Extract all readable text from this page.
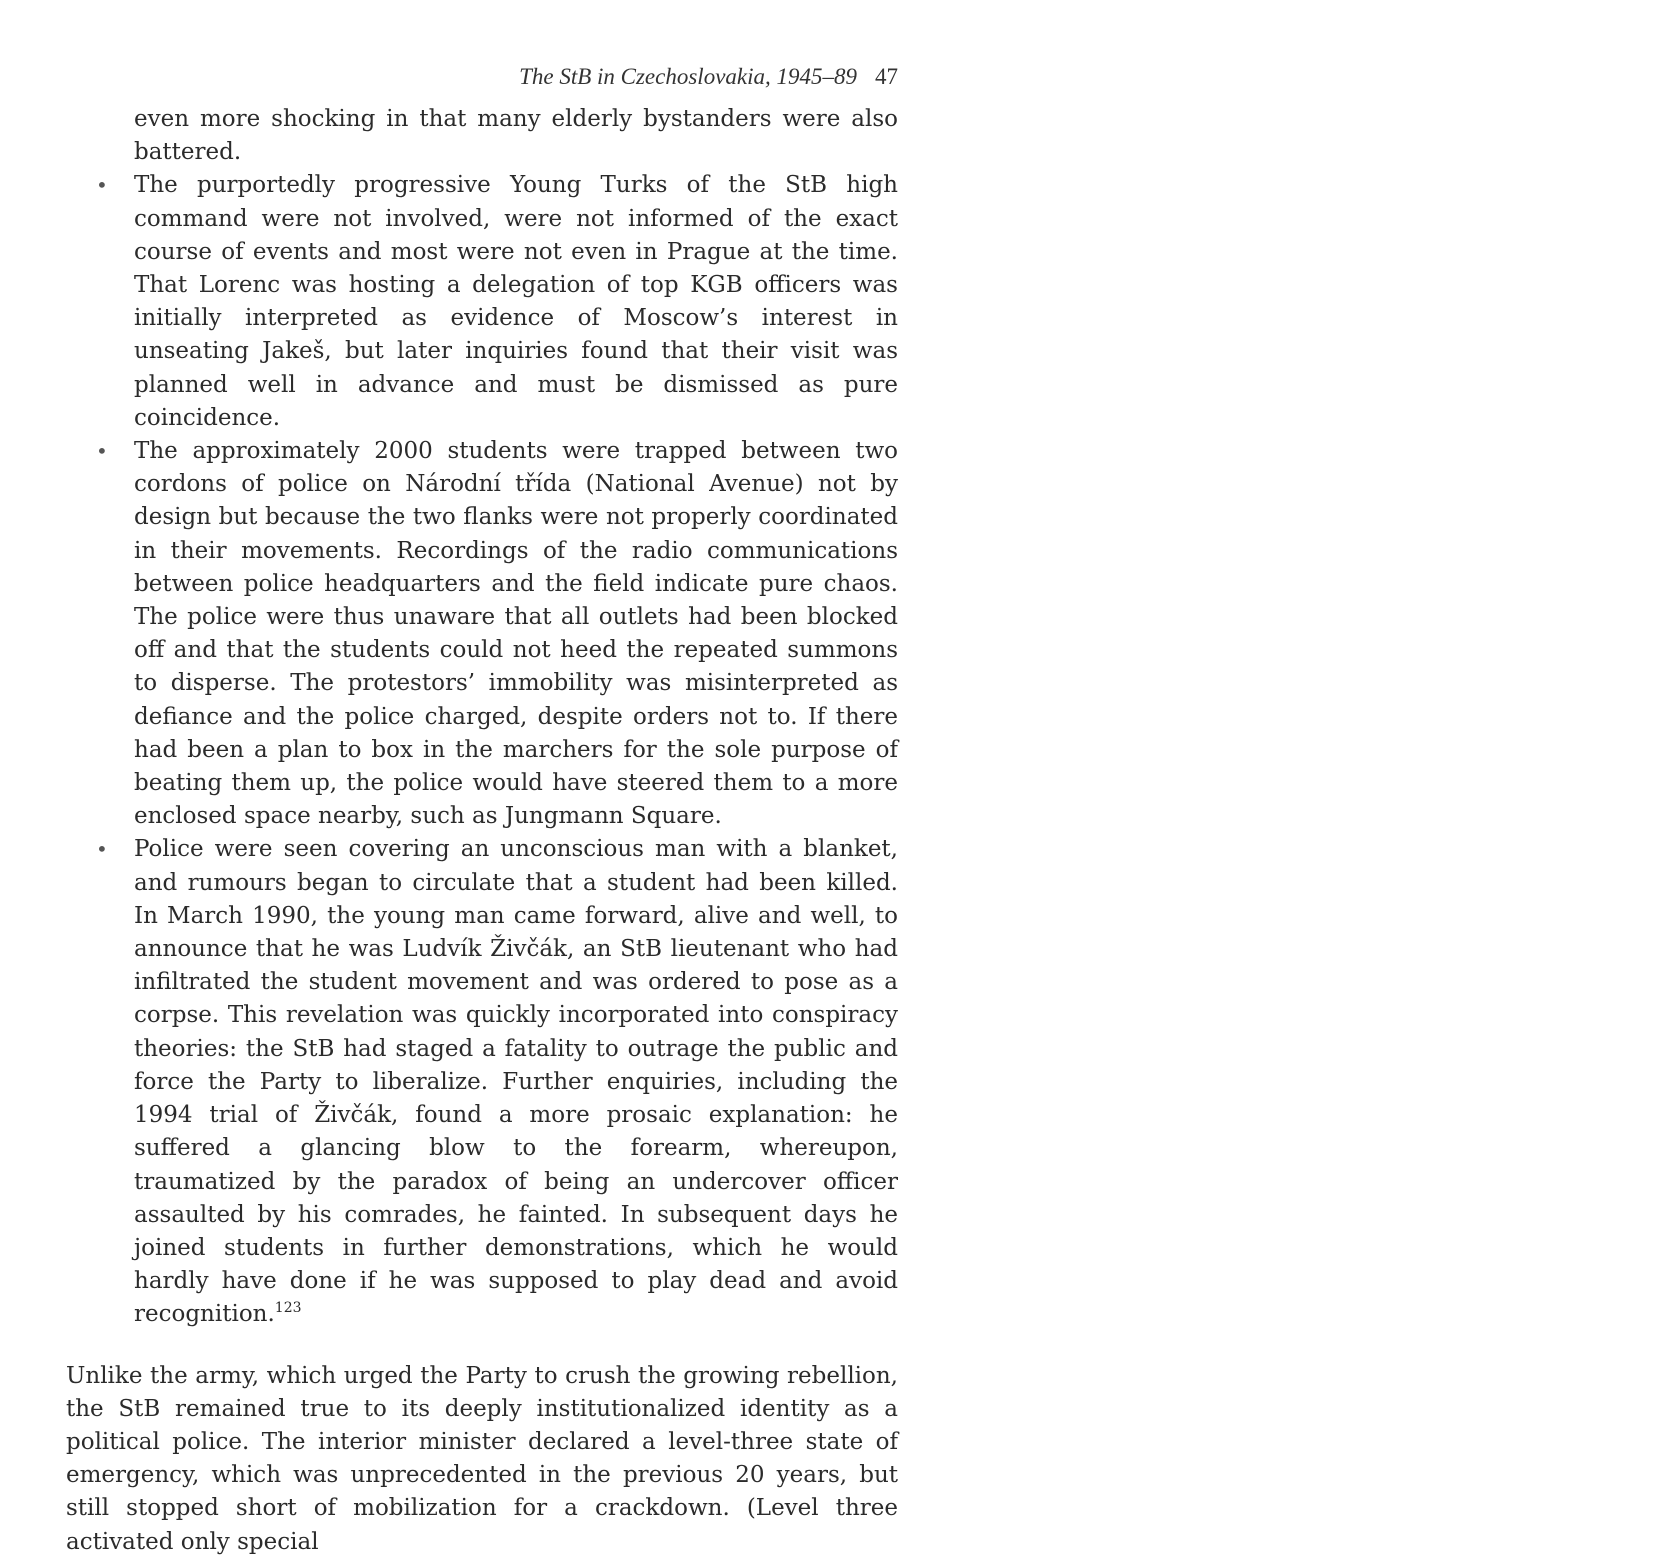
The StB in Czechoslovakia, 1945–89 47
even more shocking in that many elderly bystanders were also battered.
• The purportedly progressive Young Turks of the StB high command were not involved, were not informed of the exact course of events and most were not even in Prague at the time. That Lorenc was hosting a delegation of top KGB officers was initially interpreted as evidence of Moscow’s interest in unseating Jakeš, but later inquiries found that their visit was planned well in advance and must be dismissed as pure coincidence.
• The approximately 2000 students were trapped between two cordons of police on Národní třída (National Avenue) not by design but because the two flanks were not properly coordinated in their movements. Recordings of the radio communications between police headquarters and the field indicate pure chaos. The police were thus unaware that all outlets had been blocked off and that the students could not heed the repeated summons to disperse. The protestors’ immobility was misinterpreted as defiance and the police charged, despite orders not to. If there had been a plan to box in the marchers for the sole purpose of beating them up, the police would have steered them to a more enclosed space nearby, such as Jungmann Square.
• Police were seen covering an unconscious man with a blanket, and rumours began to circulate that a student had been killed. In March 1990, the young man came forward, alive and well, to announce that he was Ludvík Živčák, an StB lieutenant who had infiltrated the student movement and was ordered to pose as a corpse. This revelation was quickly incorporated into conspiracy theories: the StB had staged a fatality to outrage the public and force the Party to liberalize. Further enquiries, including the 1994 trial of Živčák, found a more prosaic explanation: he suffered a glancing blow to the forearm, whereupon, traumatized by the paradox of being an undercover officer assaulted by his comrades, he fainted. In subsequent days he joined students in further demonstrations, which he would hardly have done if he was supposed to play dead and avoid recognition.$^{123}$
Unlike the army, which urged the Party to crush the growing rebellion, the StB remained true to its deeply institutionalized identity as a political police. The interior minister declared a level-three state of emergency, which was unprecedented in the previous 20 years, but still stopped short of mobilization for a crackdown. (Level three activated only special
